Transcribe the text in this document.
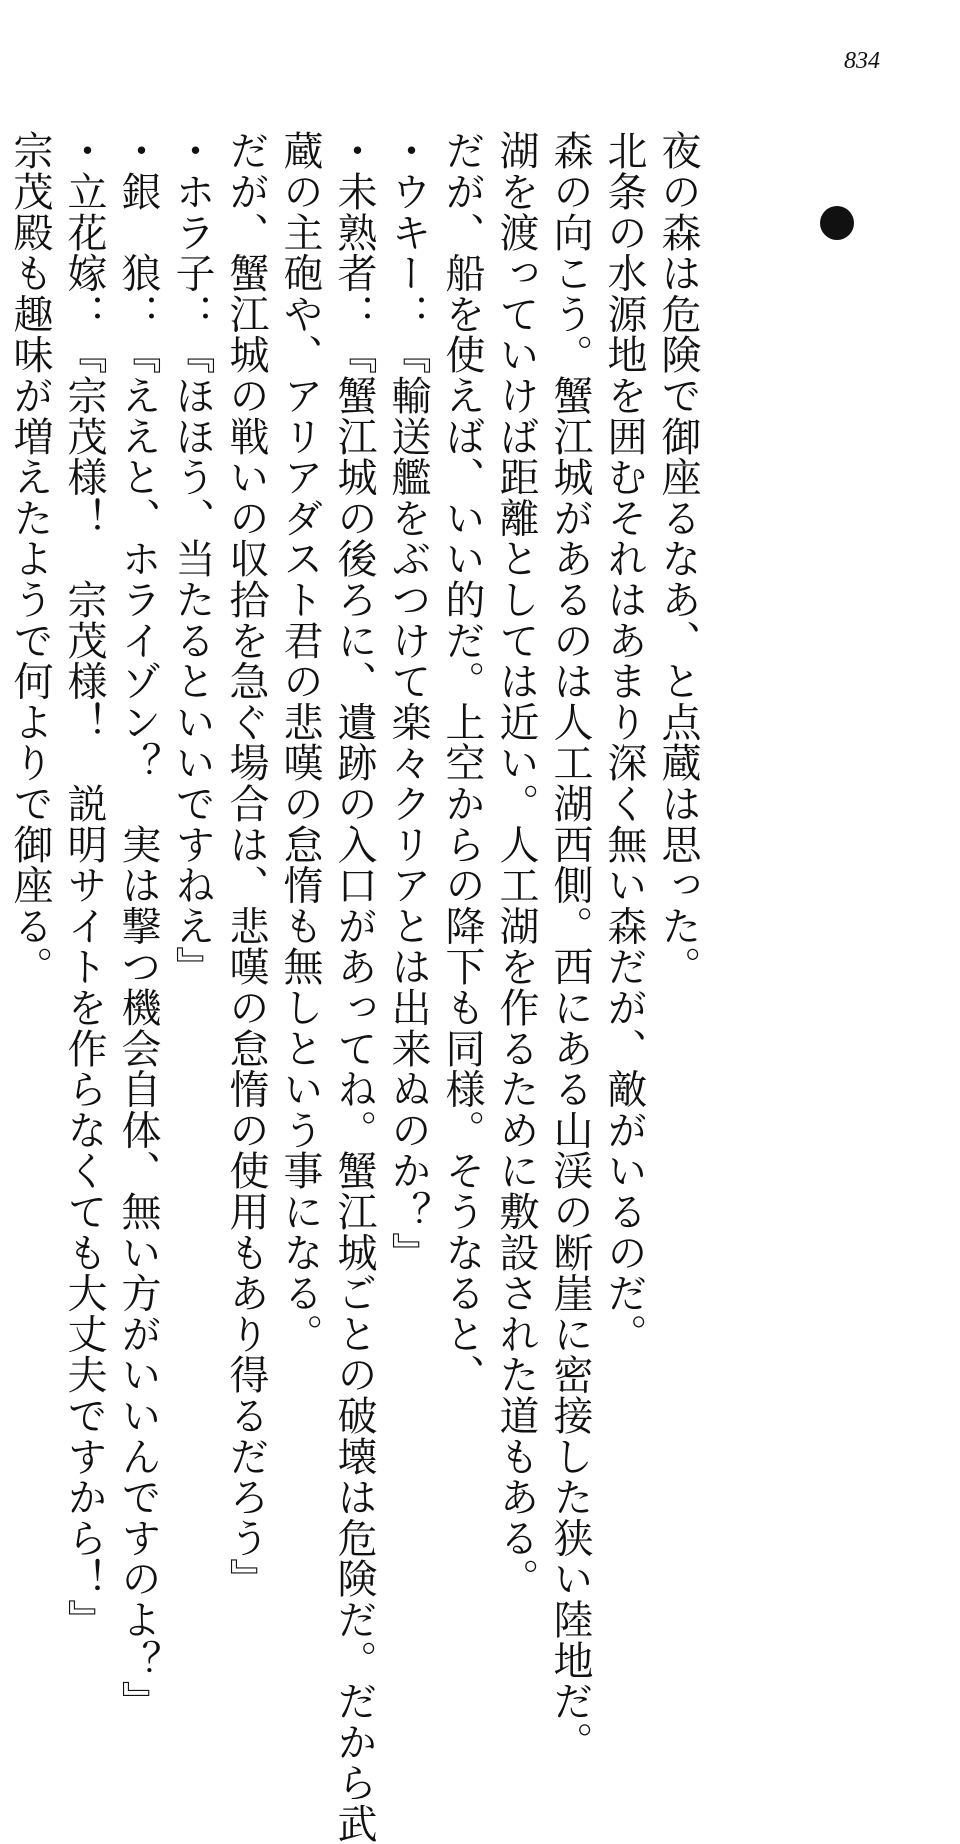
834
夜の森は危険で御座るなあ、と点蔵は思った。
北条の水源地を囲むそれはあまり深く無い森だが、敵がいるのだ。
森の向こう。蟹江城があるのは人工湖西側。西にある山渓の断崖に密接した狭い陸地だ。
湖を渡っていけば距離としては近い。人工湖を作るために敷設された道もある。
だが、船を使えば、いい的だ。上空からの降下も同様。そうなると、
・ウキー：『輸送艦をぶつけて楽々クリアとは出来ぬのか？』
・未熟者：『蟹江城の後ろに、遺跡の入口があってね。蟹江城ごとの破壊は危険だ。だから武
蔵の主砲や、アリアダスト君の悲嘆の怠惰も無しという事になる。
だが、蟹江城の戦いの収拾を急ぐ場合は、悲嘆の怠惰の使用もあり得るだろう』
・ホラ子：『ほほう、当たるといいですねえ』
・銀　狼：『ええと、ホライゾン？　実は撃つ機会自体、無い方がいいんですのよ？』
・立花嫁：『宗茂様！　宗茂様！　説明サイトを作らなくても大丈夫ですから！』
宗茂殿も趣味が増えたようで何よりで御座る。
